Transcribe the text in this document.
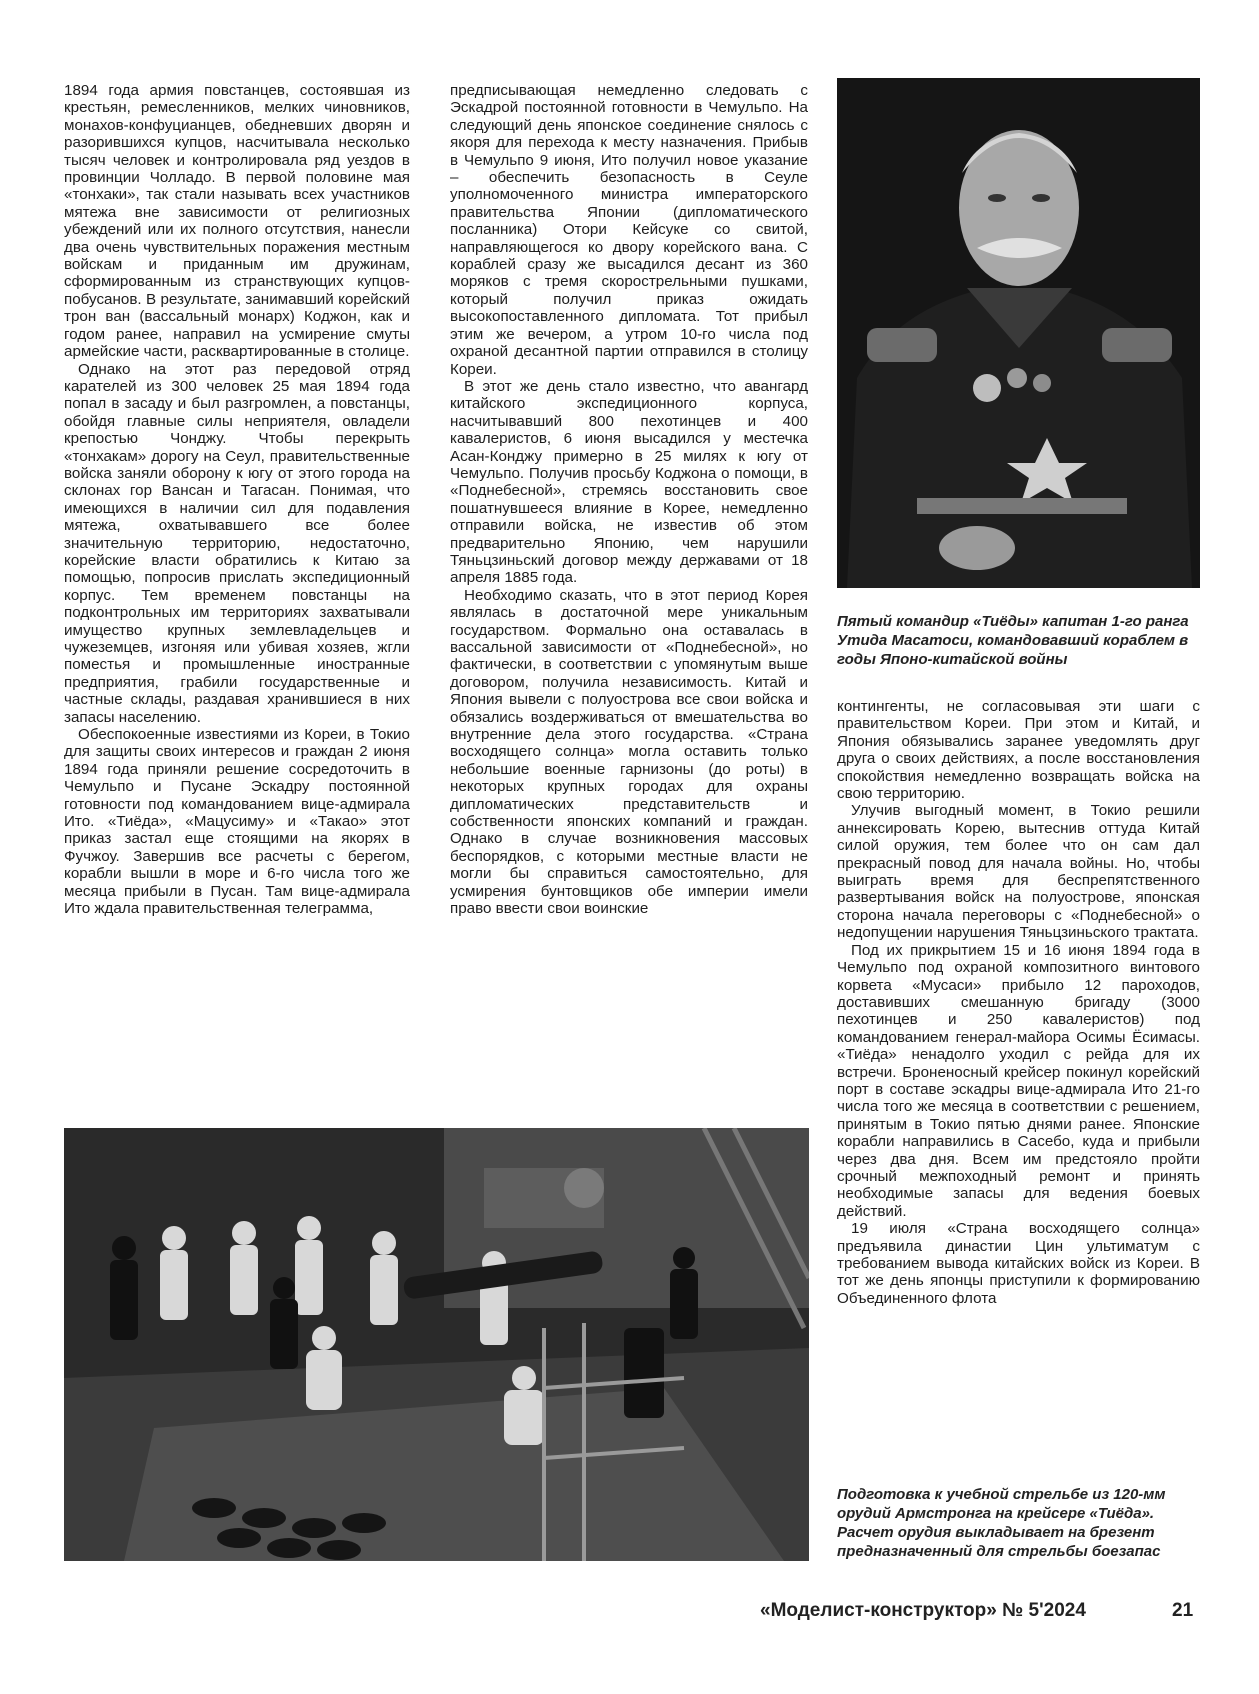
1894 года армия повстанцев, состоявшая из крестьян, ремесленников, мелких чиновников, монахов-конфуцианцев, обедневших дворян и разорившихся купцов, насчитывала несколько тысяч человек и контролировала ряд уездов в провинции Чолладо. В первой половине мая «тонхаки», так стали называть всех участников мятежа вне зависимости от религиозных убеждений или их полного отсутствия, нанесли два очень чувствительных поражения местным войскам и приданным им дружинам, сформированным из странствующих купцов-побусанов. В результате, занимавший корейский трон ван (вассальный монарх) Коджон, как и годом ранее, направил на усмирение смуты армейские части, расквартированные в столице.

Однако на этот раз передовой отряд карателей из 300 человек 25 мая 1894 года попал в засаду и был разгромлен, а повстанцы, обойдя главные силы неприятеля, овладели крепостью Чонджу. Чтобы перекрыть «тонхакам» дорогу на Сеул, правительственные войска заняли оборону к югу от этого города на склонах гор Вансан и Тагасан. Понимая, что имеющихся в наличии сил для подавления мятежа, охватывавшего все более значительную территорию, недостаточно, корейские власти обратились к Китаю за помощью, попросив прислать экспедиционный корпус. Тем временем повстанцы на подконтрольных им территориях захватывали имущество крупных землевладельцев и чужеземцев, изгоняя или убивая хозяев, жгли поместья и промышленные иностранные предприятия, грабили государственные и частные склады, раздавая хранившиеся в них запасы населению.

Обеспокоенные известиями из Кореи, в Токио для защиты своих интересов и граждан 2 июня 1894 года приняли решение сосредоточить в Чемульпо и Пусане Эскадру постоянной готовности под командованием вице-адмирала Ито. «Тиёда», «Мацусиму» и «Такао» этот приказ застал еще стоящими на якорях в Фучжоу. Завершив все расчеты с берегом, корабли вышли в море и 6-го числа того же месяца прибыли в Пусан. Там вице-адмирала Ито ждала правительственная телеграмма,

предписывающая немедленно следовать с Эскадрой постоянной готовности в Чемульпо. На следующий день японское соединение снялось с якоря для перехода к месту назначения. Прибыв в Чемульпо 9 июня, Ито получил новое указание – обеспечить безопасность в Сеуле уполномоченного министра императорского правительства Японии (дипломатического посланника) Отори Кейсуке со свитой, направляющегося ко двору корейского вана. С кораблей сразу же высадился десант из 360 моряков с тремя скорострельными пушками, который получил приказ ожидать высокопоставленного дипломата. Тот прибыл этим же вечером, а утром 10-го числа под охраной десантной партии отправился в столицу Кореи.

В этот же день стало известно, что авангард китайского экспедиционного корпуса, насчитывавший 800 пехотинцев и 400 кавалеристов, 6 июня высадился у местечка Асан-Конджу примерно в 25 милях к югу от Чемульпо. Получив просьбу Коджона о помощи, в «Поднебесной», стремясь восстановить свое пошатнувшееся влияние в Корее, немедленно отправили войска, не известив об этом предварительно Японию, чем нарушили Тяньцзиньский договор между державами от 18 апреля 1885 года.

Необходимо сказать, что в этот период Корея являлась в достаточной мере уникальным государством. Формально она оставалась в вассальной зависимости от «Поднебесной», но фактически, в соответствии с упомянутым выше договором, получила независимость. Китай и Япония вывели с полуострова все свои войска и обязались воздерживаться от вмешательства во внутренние дела этого государства. «Страна восходящего солнца» могла оставить только небольшие военные гарнизоны (до роты) в некоторых крупных городах для охраны дипломатических представительств и собственности японских компаний и граждан. Однако в случае возникновения массовых беспорядков, с которыми местные власти не могли бы справиться самостоятельно, для усмирения бунтовщиков обе империи имели право ввести свои воинские

Пятый командир «Тиёды» капитан 1-го ранга Утида Масатоси, командовавший кораблем в годы Японо-китайской войны

контингенты, не согласовывая эти шаги с правительством Кореи. При этом и Китай, и Япония обязывались заранее уведомлять друг друга о своих действиях, а после восстановления спокойствия немедленно возвращать войска на свою территорию.

Улучив выгодный момент, в Токио решили аннексировать Корею, вытеснив оттуда Китай силой оружия, тем более что он сам дал прекрасный повод для начала войны. Но, чтобы выиграть время для беспрепятственного развертывания войск на полуострове, японская сторона начала переговоры с «Поднебесной» о недопущении нарушения Тяньцзиньского трактата.

Под их прикрытием 15 и 16 июня 1894 года в Чемульпо под охраной композитного винтового корвета «Мусаси» прибыло 12 пароходов, доставивших смешанную бригаду (3000 пехотинцев и 250 кавалеристов) под командованием генерал-майора Осимы Ёсимасы. «Тиёда» ненадолго уходил с рейда для их встречи. Броненосный крейсер покинул корейский порт в составе эскадры вице-адмирала Ито 21-го числа того же месяца в соответствии с решением, принятым в Токио пятью днями ранее. Японские корабли направились в Сасебо, куда и прибыли через два дня. Всем им предстояло пройти срочный межпоходный ремонт и принять необходимые запасы для ведения боевых действий.

19 июля «Страна восходящего солнца» предъявила династии Цин ультиматум с требованием вывода китайских войск из Кореи. В тот же день японцы приступили к формированию Объединенного флота

Подготовка к учебной стрельбе из 120-мм орудий Армстронга на крейсере «Тиёда». Расчет орудия выкладывает на брезент предназначенный для стрельбы боезапас
«Моделист-конструктор» № 5'2024	21
